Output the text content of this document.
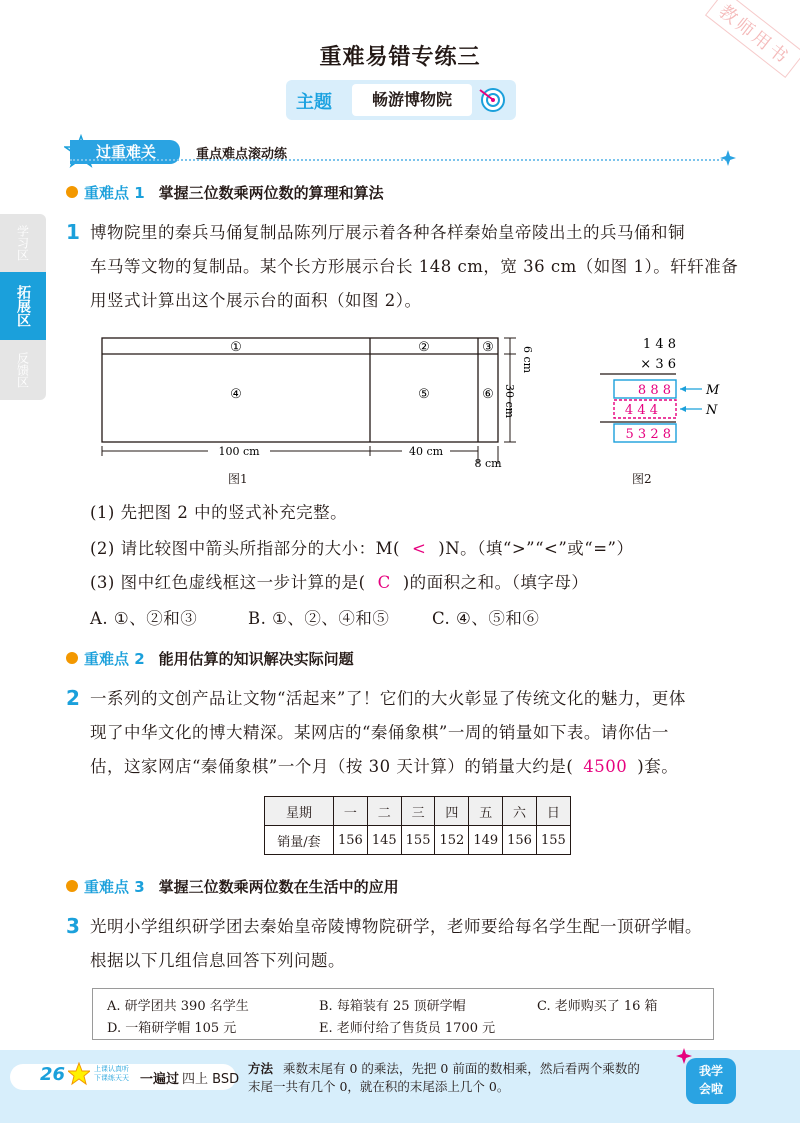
教师用书
重难易错专练三
主题	畅游博物院
学习区
拓展区
反馈区
过重难关	重点难点滚动练
重难点 1 掌握三位数乘两位数的算理和算法
1 博物院里的秦兵马俑复制品陈列厅展示着各种各样秦始皇帝陵出土的兵马俑和铜
车马等文物的复制品。某个长方形展示台长 148 cm，宽 36 cm（如图 1）。轩轩准备
用竖式计算出这个展示台的面积（如图 2）。
①	②	③
④	⑤	⑥
6 cm
30 cm
100 cm	40 cm
8 cm
图1
1 4 8
× 3 6
8 8 8
4 4 4
5 3 2 8
M
N
图2
(1) 先把图 2 中的竖式补充完整。
(2) 请比较图中箭头所指部分的大小：M( < )N。（填“>”“<”或“=”）
(3) 图中红色虚线框这一步计算的是( C )的面积之和。（填字母）
A. ①、②和③	B. ①、②、④和⑤	C. ④、⑤和⑥
重难点 2 能用估算的知识解决实际问题
2 一系列的文创产品让文物“活起来”了！它们的大火彰显了传统文化的魅力，更体
现了中华文化的博大精深。某网店的“秦俑象棋”一周的销量如下表。请你估一
估，这家网店“秦俑象棋”一个月（按 30 天计算）的销量大约是( 4500 )套。
星期	一	二	三	四	五	六	日
销量/套	156	145	155	152	149	156	155
重难点 3 掌握三位数乘两位数在生活中的应用
3 光明小学组织研学团去秦始皇帝陵博物院研学，老师要给每名学生配一顶研学帽。
根据以下几组信息回答下列问题。
A. 研学团共 390 名学生	B. 每箱装有 25 顶研学帽	C. 老师购买了 16 箱
D. 一箱研学帽 105 元	E. 老师付给了售货员 1700 元
26	上课认真听
下课练天天 一遍过 四上 BSD
方法 乘数末尾有 0 的乘法，先把 0 前面的数相乘，然后看两个乘数的
末尾一共有几个 0，就在积的末尾添上几个 0。
我学
会啦
